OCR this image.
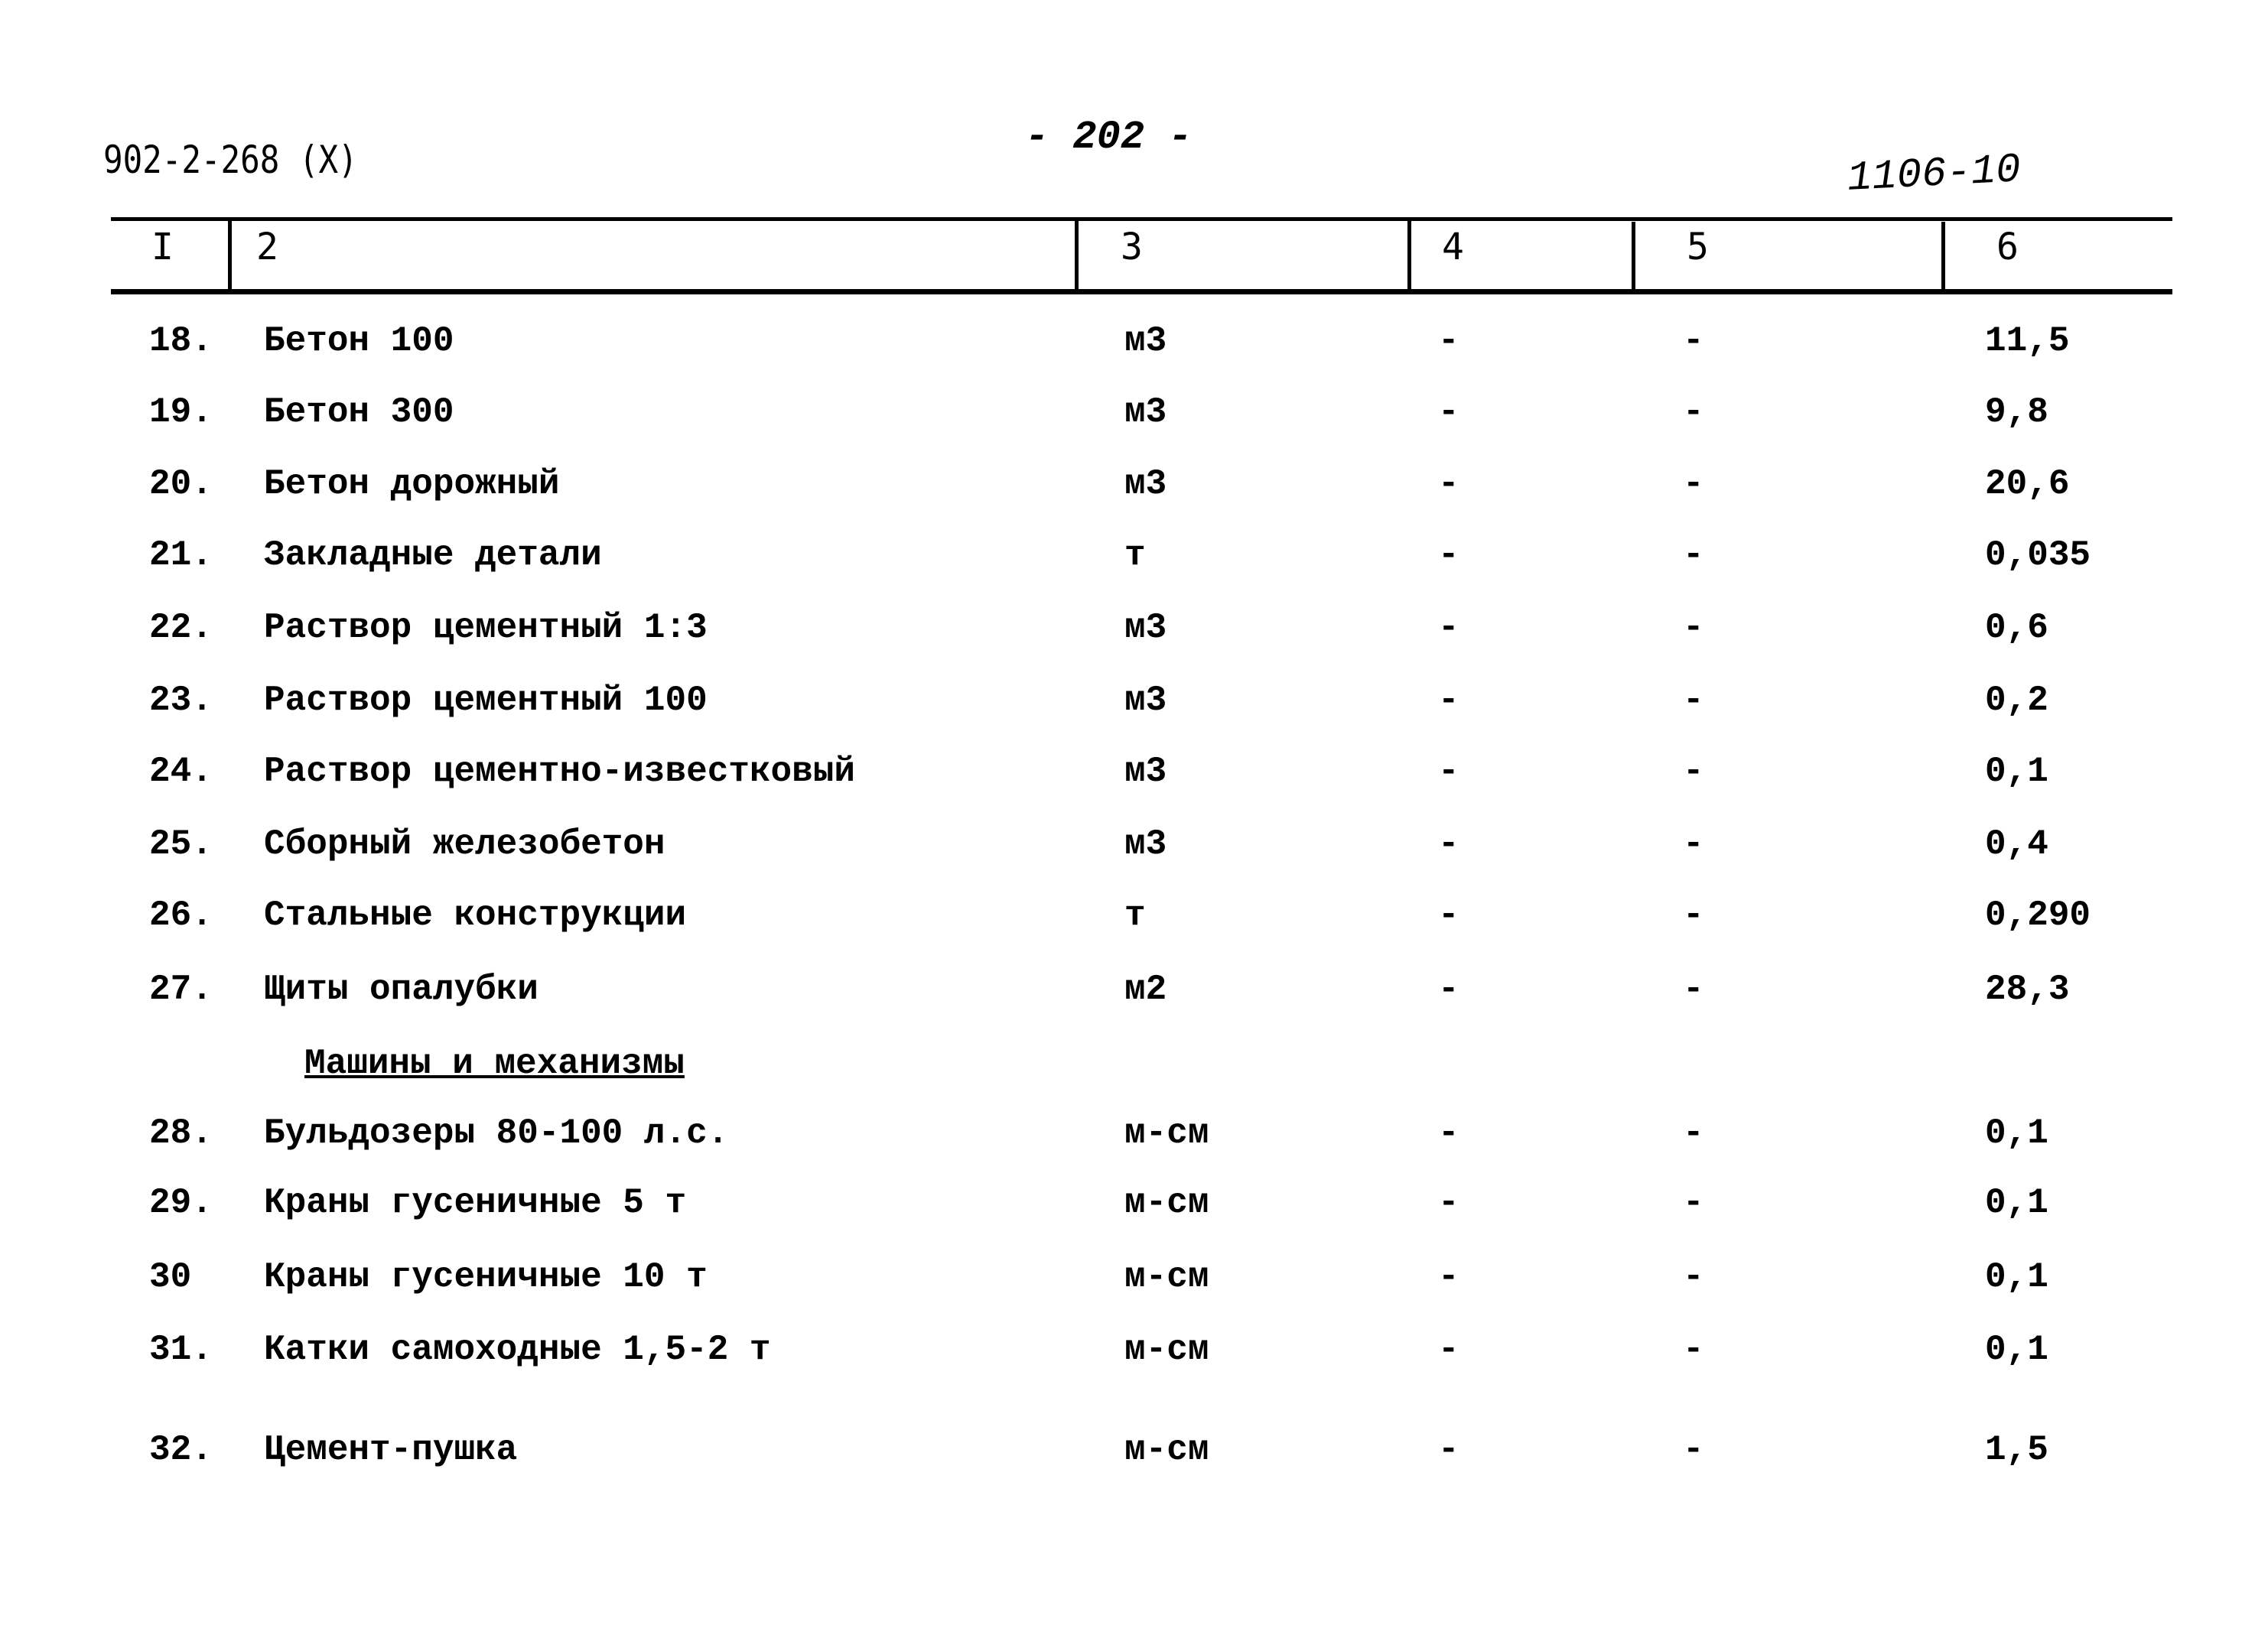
902-2-268 (X)	- 202 -
1106-10
I 2	3	4	5	6
18. Бетон 100	м3	-	-	11,5
19. Бетон 300	м3	-	-	9,8
20. Бетон дорожный	м3	-	-	20,6
21. Закладные детали	т	-	-	0,035
22. Раствор цементный 1:3	м3	-	-	0,6
23. Раствор цементный 100	м3	-	-	0,2
24. Раствор цементно-известковый	м3	-	-	0,1
25. Сборный железобетон	м3	-	-	0,4
26. Стальные конструкции	т	-	-	0,290
27. Щиты опалубки	м2	-	-	28,3
28. Бульдозеры 80-100 л.с.	м-см	-	-	0,1
29. Краны гусеничные 5 т	м-см	-	-	0,1
30 Краны гусеничные 10 т	м-см	-	-	0,1
31. Катки самоходные 1,5-2 т	м-см	-	-	0,1
32. Цемент-пушка	м-см	-	-	1,5
Машины и механизмы
